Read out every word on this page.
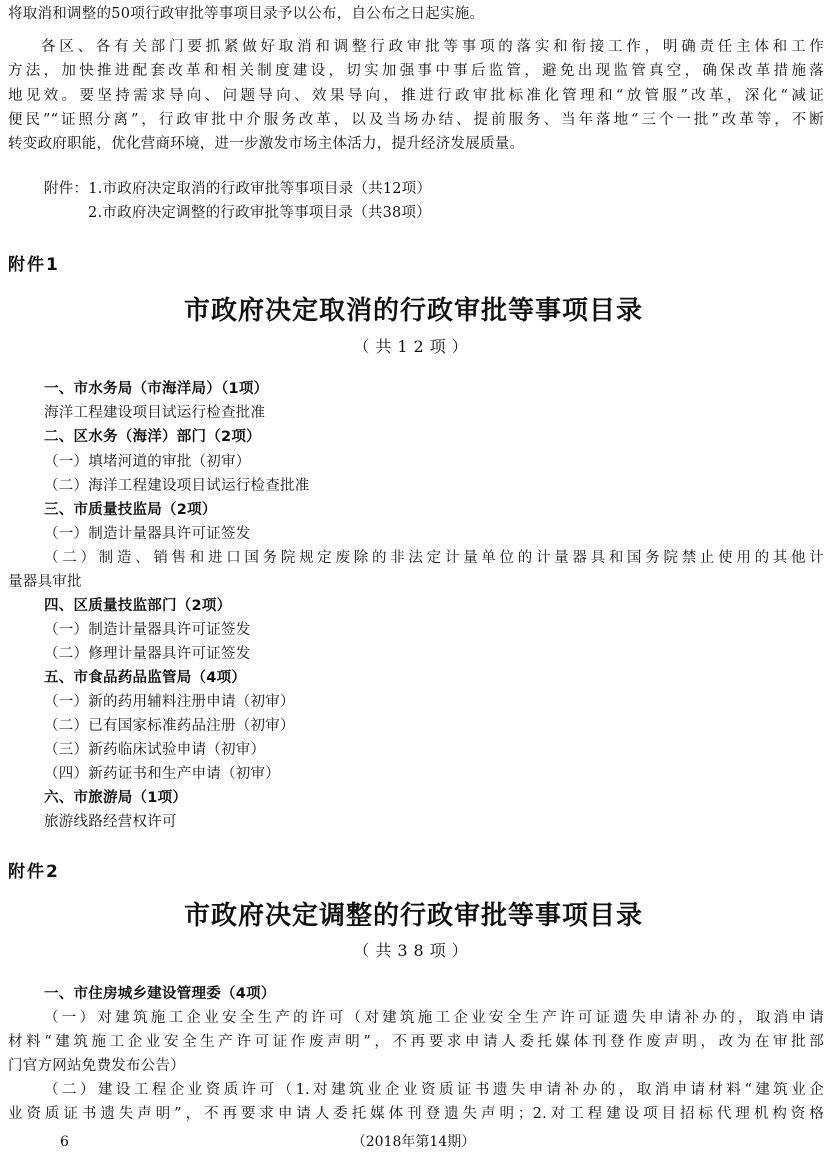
将取消和调整的50项行政审批等事项目录予以公布，自公布之日起实施。
各区、各有关部门要抓紧做好取消和调整行政审批等事项的落实和衔接工作，明确责任主体和工作
方法，加快推进配套改革和相关制度建设，切实加强事中事后监管，避免出现监管真空，确保改革措施落
地见效。要坚持需求导向、问题导向、效果导向，推进行政审批标准化管理和“放管服”改革，深化“减证
便民”“证照分离”，行政审批中介服务改革，以及当场办结、提前服务、当年落地“三个一批”改革等，不断
转变政府职能，优化营商环境，进一步激发市场主体活力，提升经济发展质量。
附件：1.市政府决定取消的行政审批等事项目录（共12项）
2.市政府决定调整的行政审批等事项目录（共38项）
附件1
市政府决定取消的行政审批等事项目录
（共12项）
一、市水务局（市海洋局）（1项）
海洋工程建设项目试运行检查批准
二、区水务（海洋）部门（2项）
（一）填堵河道的审批（初审）
（二）海洋工程建设项目试运行检查批准
三、市质量技监局（2项）
（一）制造计量器具许可证签发
（二）制造、销售和进口国务院规定废除的非法定计量单位的计量器具和国务院禁止使用的其他计
量器具审批
四、区质量技监部门（2项）
（一）制造计量器具许可证签发
（二）修理计量器具许可证签发
五、市食品药品监管局（4项）
（一）新的药用辅料注册申请（初审）
（二）已有国家标准药品注册（初审）
（三）新药临床试验申请（初审）
（四）新药证书和生产申请（初审）
六、市旅游局（1项）
旅游线路经营权许可
附件2
市政府决定调整的行政审批等事项目录
（共38项）
一、市住房城乡建设管理委（4项）
（一）对建筑施工企业安全生产的许可（对建筑施工企业安全生产许可证遗失申请补办的，取消申请
材料“建筑施工企业安全生产许可证作废声明”，不再要求申请人委托媒体刊登作废声明，改为在审批部
门官方网站免费发布公告）
（二）建设工程企业资质许可（1.对建筑业企业资质证书遗失申请补办的，取消申请材料“建筑业企
业资质证书遗失声明”，不再要求申请人委托媒体刊登遗失声明；2.对工程建设项目招标代理机构资格
6	（2018年第14期）
